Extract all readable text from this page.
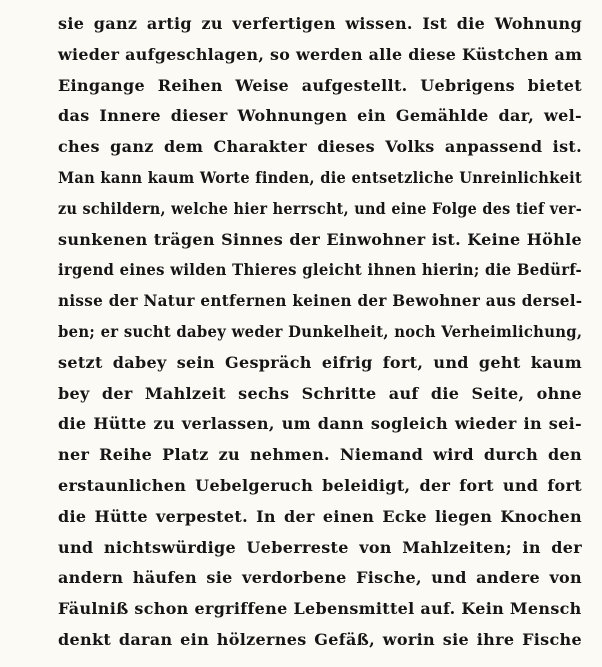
sie ganz artig zu verfertigen wissen. Ist die Wohnung
wieder aufgeschlagen, so werden alle diese Küstchen am
Eingange Reihen Weise aufgestellt. Uebrigens bietet
das Innere dieser Wohnungen ein Gemählde dar, wel-
ches ganz dem Charakter dieses Volks anpassend ist.
Man kann kaum Worte finden, die entsetzliche Unreinlichkeit zu schildern, welche hier herrscht, und eine Folge des tief ver-
sunkenen trägen Sinnes der Einwohner ist. Keine Höhle
irgend eines wilden Thieres gleicht ihnen hierin; die Bedürf- nisse der Natur entfernen keinen der Bewohner aus dersel- ben; er sucht dabey weder Dunkelheit, noch Verheimlichung,
setzt dabey sein Gespräch eifrig fort, und geht kaum
bey der Mahlzeit sechs Schritte auf die Seite, ohne
die Hütte zu verlassen, um dann sogleich wieder in sei-
ner Reihe Platz zu nehmen. Niemand wird durch den
erstaunlichen Uebelgeruch beleidigt, der fort und fort
die Hütte verpestet. In der einen Ecke liegen Knochen
und nichtswürdige Ueberreste von Mahlzeiten; in der
andern häufen sie verdorbene Fische, und andere von
Fäulniß schon ergriffene Lebensmittel auf. Kein Mensch
denkt daran ein hölzernes Gefäß, worin sie ihre Fische
